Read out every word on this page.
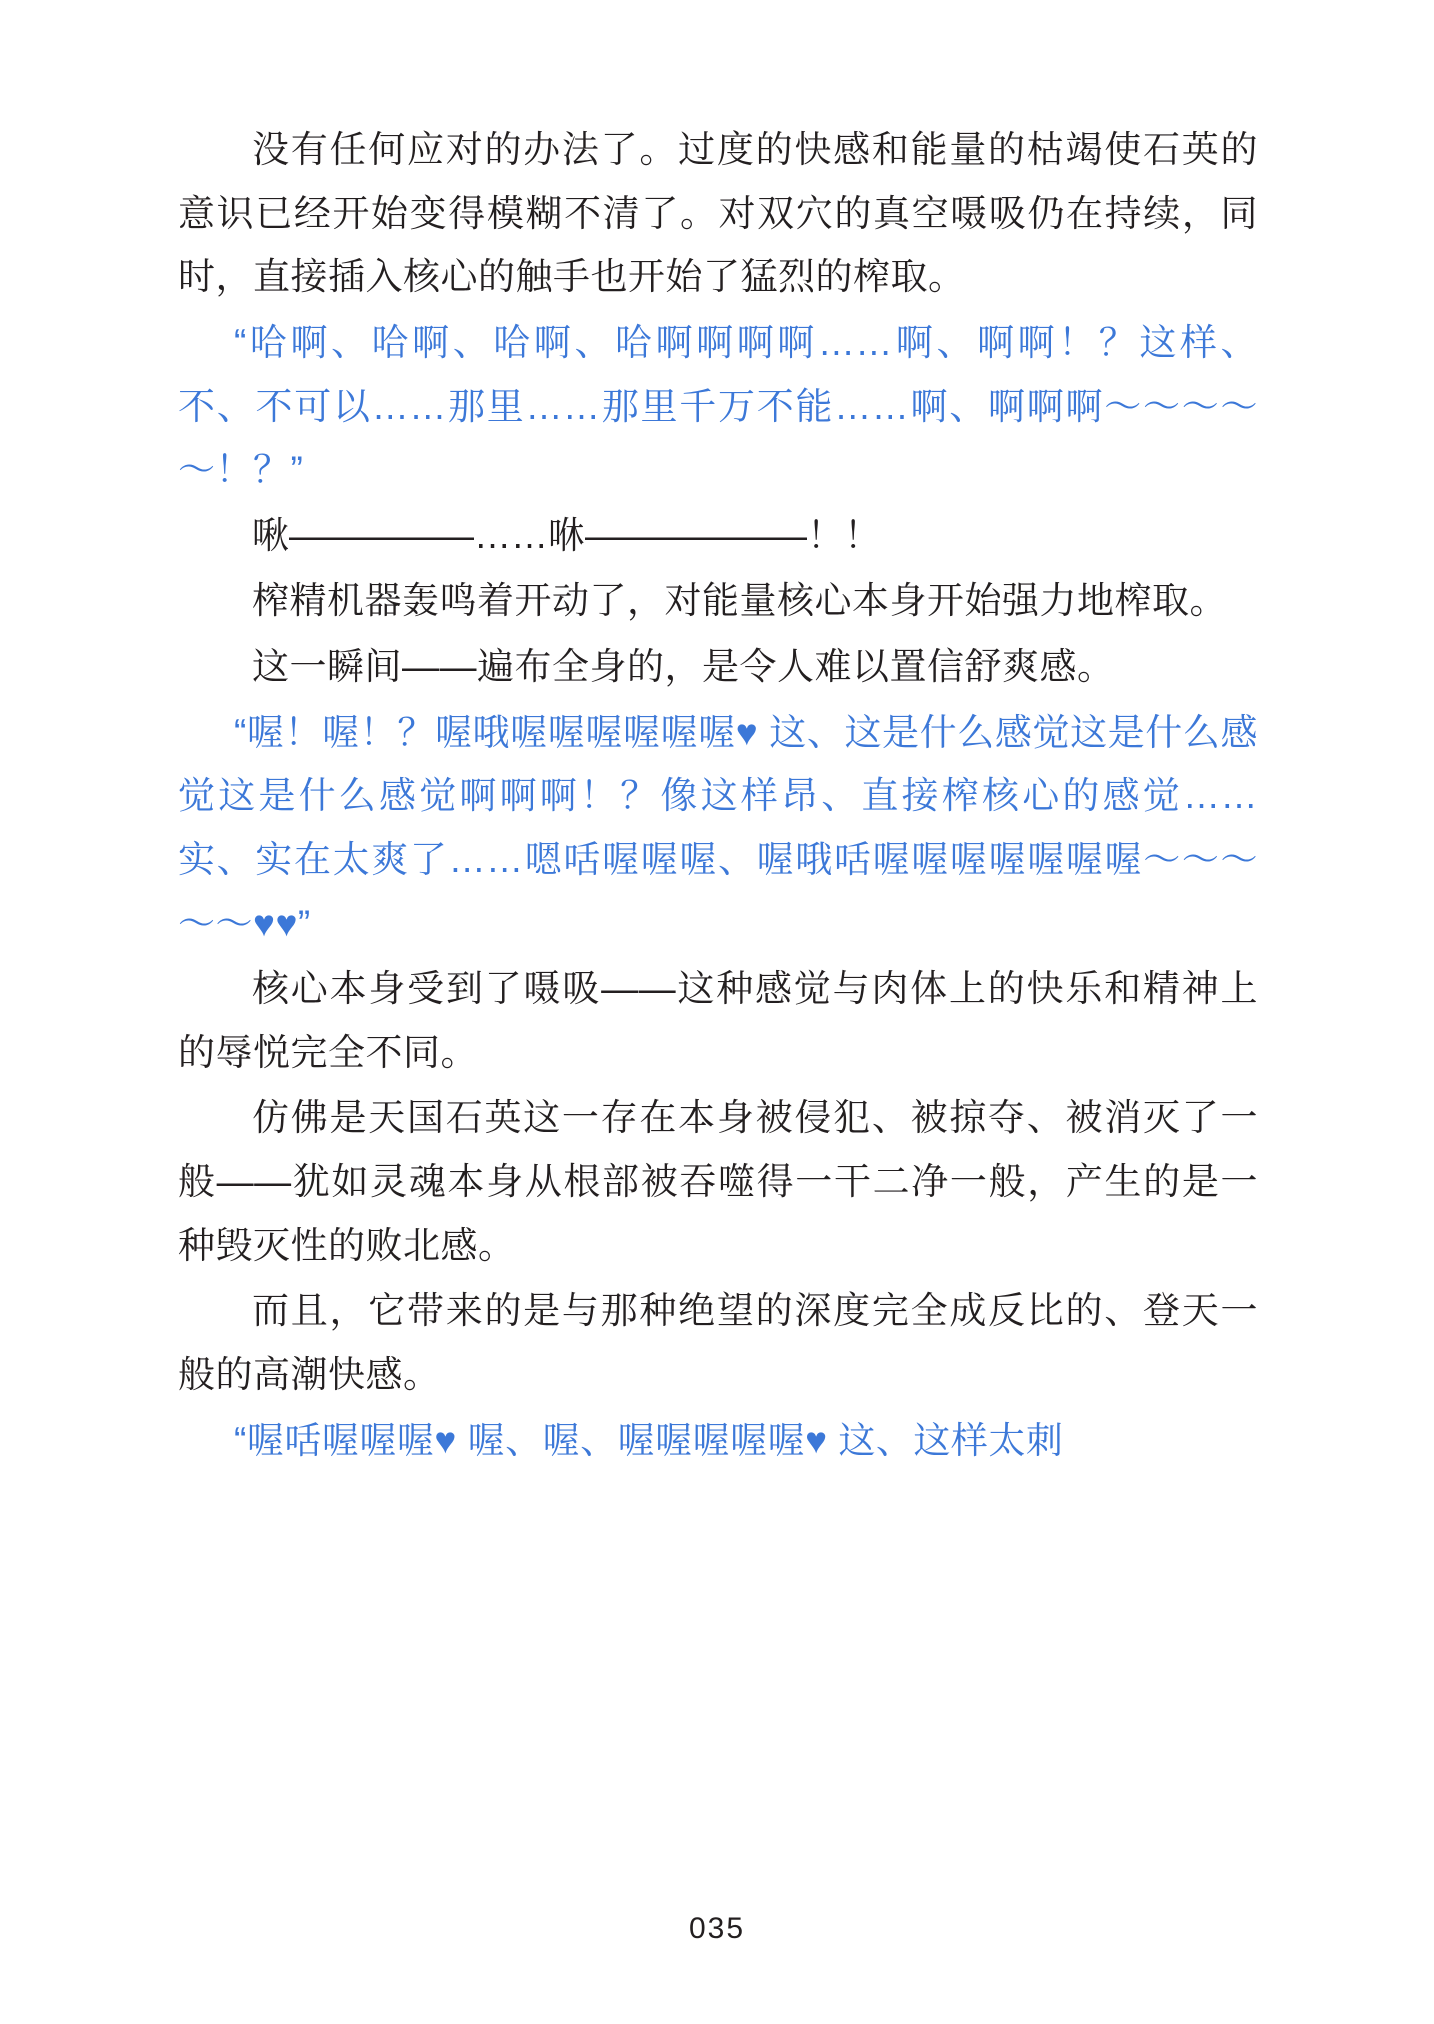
没有任何应对的办法了。过度的快感和能量的枯竭使石英的意识已经开始变得模糊不清了。对双穴的真空嗫吸仍在持续，同时，直接插入核心的触手也开始了猛烈的榨取。

“哈啊、哈啊、哈啊、哈啊啊啊啊……啊、啊啊！？这样、不、不可以……那里……那里千万不能……啊、啊啊啊～～～～～！？”

啾—————……咻——————！！

榨精机器轰鸣着开动了，对能量核心本身开始强力地榨取。

这一瞬间——遍布全身的，是令人难以置信舒爽感。

“喔！喔！？喔哦喔喔喔喔喔喔♥ 这、这是什么感觉这是什么感觉这是什么感觉啊啊啊！？像这样昂、直接榨核心的感觉……实、实在太爽了……嗯咶喔喔喔、喔哦咶喔喔喔喔喔喔喔～～～～～♥♥”

核心本身受到了嗫吸——这种感觉与肉体上的快乐和精神上的辱悦完全不同。

仿佛是天国石英这一存在本身被侵犯、被掠夺、被消灭了一般——犹如灵魂本身从根部被吞噬得一干二净一般，产生的是一种毁灭性的败北感。

而且，它带来的是与那种绝望的深度完全成反比的、登天一般的高潮快感。

“喔咶喔喔喔♥ 喔、喔、喔喔喔喔喔♥ 这、这样太刺

035
